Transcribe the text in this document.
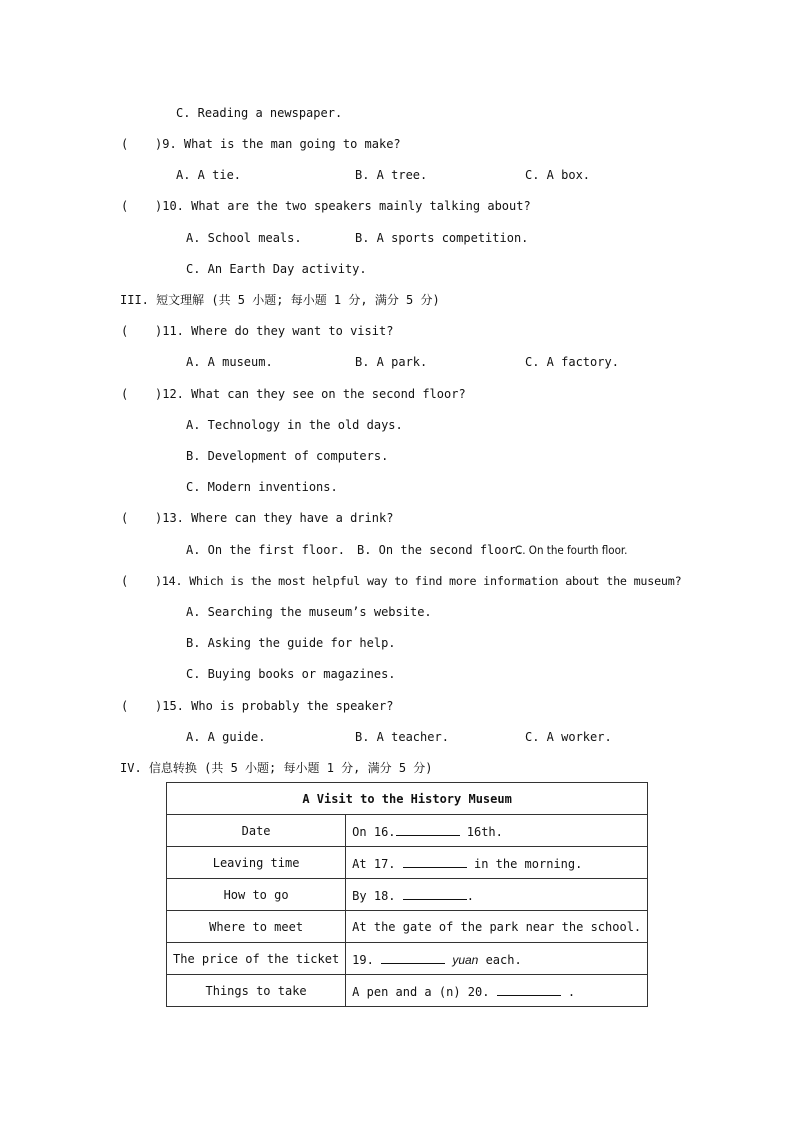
C. Reading a newspaper.
( )9. What is the man going to make?
A. A tie.	B. A tree.	C. A box.
( )10. What are the two speakers mainly talking about?
A. School meals.	B. A sports competition.
C. An Earth Day activity.
III. 短文理解 (共 5 小题; 每小题 1 分, 满分 5 分)
( )11. Where do they want to visit?
A. A museum.	B. A park.	C. A factory.
( )12. What can they see on the second floor?
A. Technology in the old days.
B. Development of computers.
C. Modern inventions.
( )13. Where can they have a drink?
A. On the first floor. B. On the second floor.
C. On the fourth floor.
( )14. Which is the most helpful way to find more information about the museum?
A. Searching the museum’s website.
B. Asking the guide for help.
C. Buying books or magazines.
( )15. Who is probably the speaker?
A. A guide.	B. A teacher.	C. A worker.
IV. 信息转换 (共 5 小题; 每小题 1 分, 满分 5 分)
A Visit to the History Museum	
Date	On 16. 16th.
Leaving time	At 17. in the morning.
How to go	By 18. .
Where to meet	At the gate of the park near the school.
The price of the ticket	19. yuan each.
Things to take	A pen and a (n) 20. .
